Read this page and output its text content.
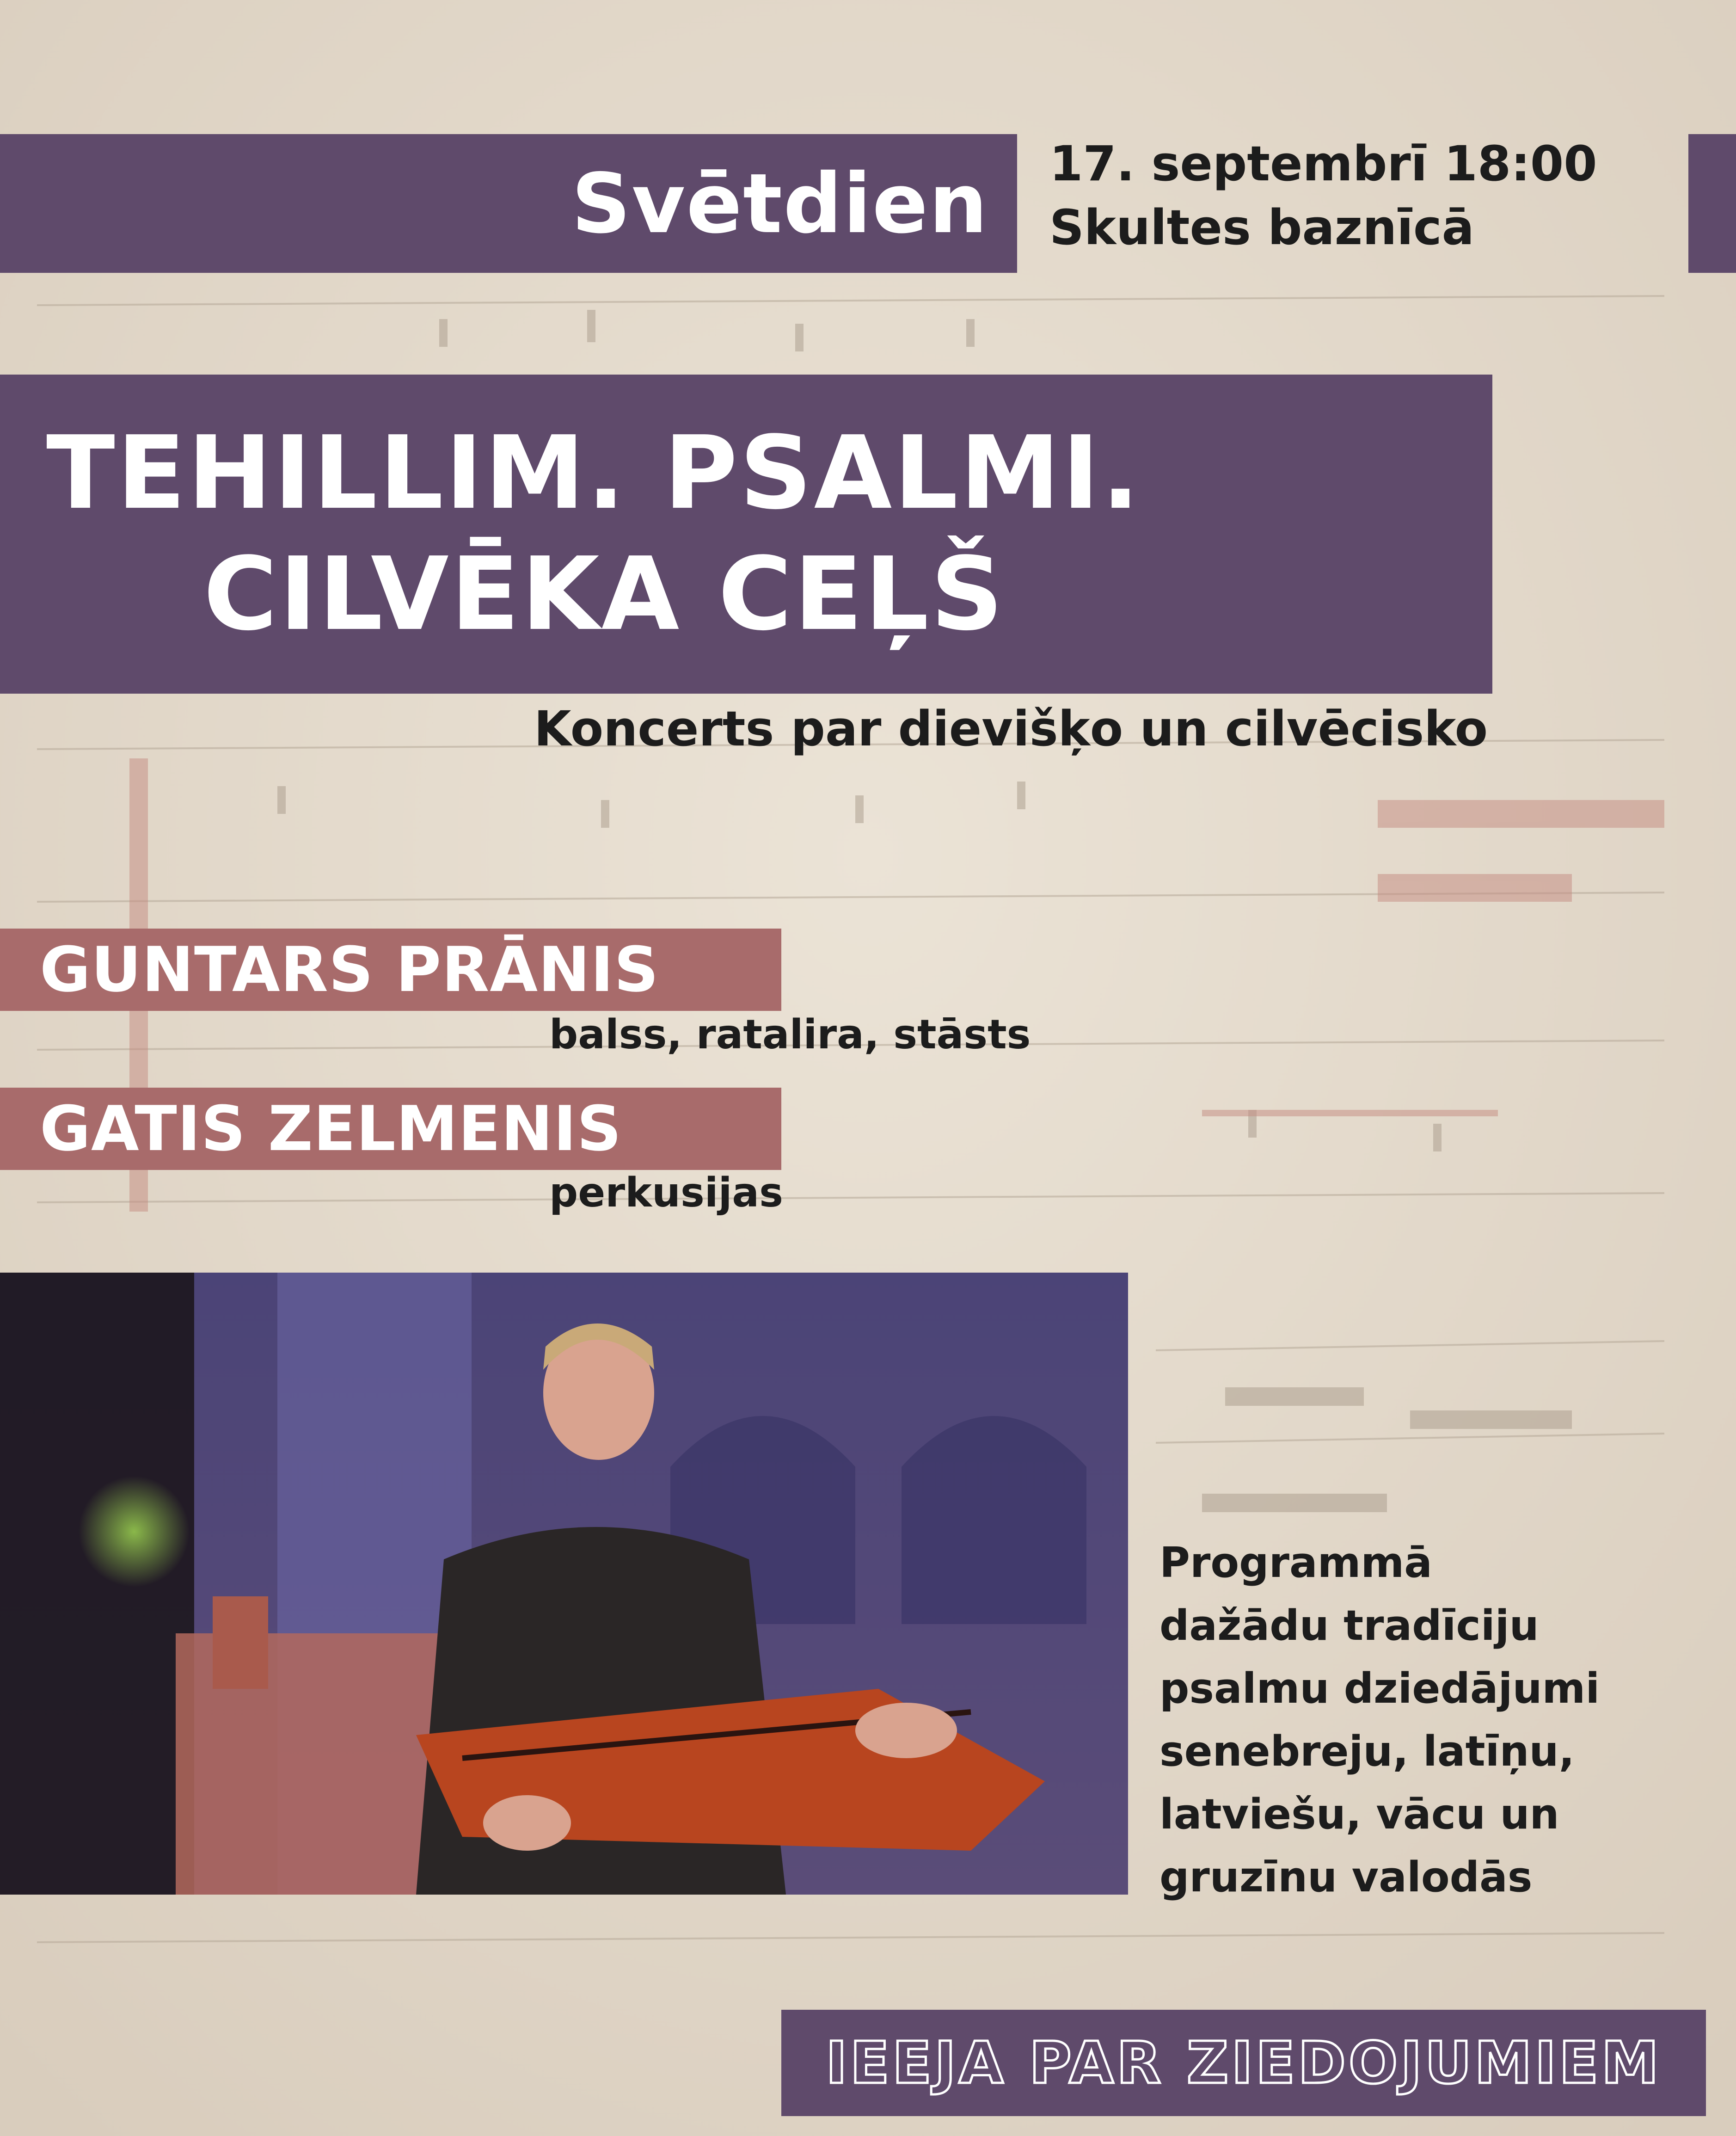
Svētdien 17. septembrī 18:00
Skultes baznīcā
TEHILLIM. PSALMI.
CILVĒKA CEĻŠ
Koncerts par dievišķo un cilvēcisko
GUNTARS PRĀNIS
balss, ratalira, stāsts
GATIS ZELMENIS
perkusijas
Programmā
dažādu tradīciju
psalmu dziedājumi
senebreju, latīņu,
latviešu, vācu un
gruzīnu valodās
IEEJA PAR ZIEDOJUMIEM
